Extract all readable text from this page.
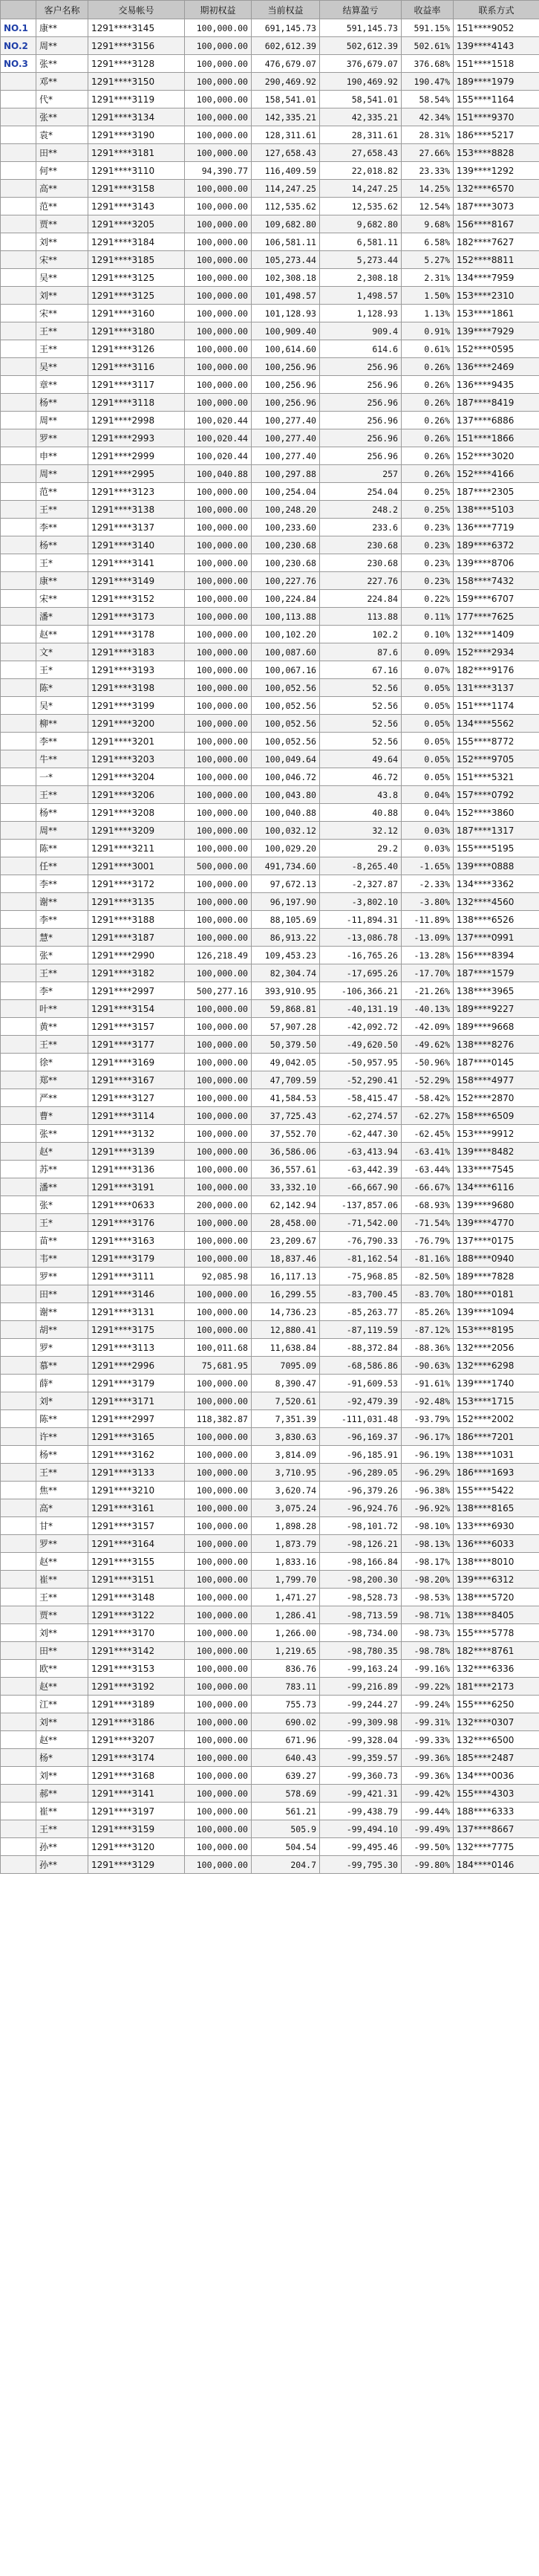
	客户名称	交易帐号	期初权益	当前权益	结算盈亏	收益率	联系方式
NO.1	康**	1291****3145	100,000.00	691,145.73	591,145.73	591.15%	151****9052
NO.2	周**	1291****3156	100,000.00	602,612.39	502,612.39	502.61%	139****4143
NO.3	张**	1291****3128	100,000.00	476,679.07	376,679.07	376.68%	151****1518
	邓**	1291****3150	100,000.00	290,469.92	190,469.92	190.47%	189****1979
	代*	1291****3119	100,000.00	158,541.01	58,541.01	58.54%	155****1164
	张**	1291****3134	100,000.00	142,335.21	42,335.21	42.34%	151****9370
	袁*	1291****3190	100,000.00	128,311.61	28,311.61	28.31%	186****5217
	田**	1291****3181	100,000.00	127,658.43	27,658.43	27.66%	153****8828
	何**	1291****3110	94,390.77	116,409.59	22,018.82	23.33%	139****1292
	高**	1291****3158	100,000.00	114,247.25	14,247.25	14.25%	132****6570
	范**	1291****3143	100,000.00	112,535.62	12,535.62	12.54%	187****3073
	贾**	1291****3205	100,000.00	109,682.80	9,682.80	9.68%	156****8167
	刘**	1291****3184	100,000.00	106,581.11	6,581.11	6.58%	182****7627
	宋**	1291****3185	100,000.00	105,273.44	5,273.44	5.27%	152****8811
	吴**	1291****3125	100,000.00	102,308.18	2,308.18	2.31%	134****7959
	刘**	1291****3125	100,000.00	101,498.57	1,498.57	1.50%	153****2310
	宋**	1291****3160	100,000.00	101,128.93	1,128.93	1.13%	153****1861
	王**	1291****3180	100,000.00	100,909.40	909.4	0.91%	139****7929
	王**	1291****3126	100,000.00	100,614.60	614.6	0.61%	152****0595
	吴**	1291****3116	100,000.00	100,256.96	256.96	0.26%	136****2469
	章**	1291****3117	100,000.00	100,256.96	256.96	0.26%	136****9435
	杨**	1291****3118	100,000.00	100,256.96	256.96	0.26%	187****8419
	周**	1291****2998	100,020.44	100,277.40	256.96	0.26%	137****6886
	罗**	1291****2993	100,020.44	100,277.40	256.96	0.26%	151****1866
	申**	1291****2999	100,020.44	100,277.40	256.96	0.26%	152****3020
	周**	1291****2995	100,040.88	100,297.88	257	0.26%	152****4166
	范**	1291****3123	100,000.00	100,254.04	254.04	0.25%	187****2305
	王**	1291****3138	100,000.00	100,248.20	248.2	0.25%	138****5103
	李**	1291****3137	100,000.00	100,233.60	233.6	0.23%	136****7719
	杨**	1291****3140	100,000.00	100,230.68	230.68	0.23%	189****6372
	王*	1291****3141	100,000.00	100,230.68	230.68	0.23%	139****8706
	康**	1291****3149	100,000.00	100,227.76	227.76	0.23%	158****7432
	宋**	1291****3152	100,000.00	100,224.84	224.84	0.22%	159****6707
	潘*	1291****3173	100,000.00	100,113.88	113.88	0.11%	177****7625
	赵**	1291****3178	100,000.00	100,102.20	102.2	0.10%	132****1409
	文*	1291****3183	100,000.00	100,087.60	87.6	0.09%	152****2934
	王*	1291****3193	100,000.00	100,067.16	67.16	0.07%	182****9176
	陈*	1291****3198	100,000.00	100,052.56	52.56	0.05%	131****3137
	吴*	1291****3199	100,000.00	100,052.56	52.56	0.05%	151****1174
	柳**	1291****3200	100,000.00	100,052.56	52.56	0.05%	134****5562
	李**	1291****3201	100,000.00	100,052.56	52.56	0.05%	155****8772
	牛**	1291****3203	100,000.00	100,049.64	49.64	0.05%	152****9705
	一*	1291****3204	100,000.00	100,046.72	46.72	0.05%	151****5321
	王**	1291****3206	100,000.00	100,043.80	43.8	0.04%	157****0792
	杨**	1291****3208	100,000.00	100,040.88	40.88	0.04%	152****3860
	周**	1291****3209	100,000.00	100,032.12	32.12	0.03%	187****1317
	陈**	1291****3211	100,000.00	100,029.20	29.2	0.03%	155****5195
	任**	1291****3001	500,000.00	491,734.60	-8,265.40	-1.65%	139****0888
	李**	1291****3172	100,000.00	97,672.13	-2,327.87	-2.33%	134****3362
	谢**	1291****3135	100,000.00	96,197.90	-3,802.10	-3.80%	132****4560
	李**	1291****3188	100,000.00	88,105.69	-11,894.31	-11.89%	138****6526
	慧*	1291****3187	100,000.00	86,913.22	-13,086.78	-13.09%	137****0991
	张*	1291****2990	126,218.49	109,453.23	-16,765.26	-13.28%	156****8394
	王**	1291****3182	100,000.00	82,304.74	-17,695.26	-17.70%	187****1579
	李*	1291****2997	500,277.16	393,910.95	-106,366.21	-21.26%	138****3965
	叶**	1291****3154	100,000.00	59,868.81	-40,131.19	-40.13%	189****9227
	黄**	1291****3157	100,000.00	57,907.28	-42,092.72	-42.09%	189****9668
	王**	1291****3177	100,000.00	50,379.50	-49,620.50	-49.62%	138****8276
	徐*	1291****3169	100,000.00	49,042.05	-50,957.95	-50.96%	187****0145
	郑**	1291****3167	100,000.00	47,709.59	-52,290.41	-52.29%	158****4977
	严**	1291****3127	100,000.00	41,584.53	-58,415.47	-58.42%	152****2870
	曹*	1291****3114	100,000.00	37,725.43	-62,274.57	-62.27%	158****6509
	张**	1291****3132	100,000.00	37,552.70	-62,447.30	-62.45%	153****9912
	赵*	1291****3139	100,000.00	36,586.06	-63,413.94	-63.41%	139****8482
	苏**	1291****3136	100,000.00	36,557.61	-63,442.39	-63.44%	133****7545
	潘**	1291****3191	100,000.00	33,332.10	-66,667.90	-66.67%	134****6116
	张*	1291****0633	200,000.00	62,142.94	-137,857.06	-68.93%	139****9680
	王*	1291****3176	100,000.00	28,458.00	-71,542.00	-71.54%	139****4770
	苗**	1291****3163	100,000.00	23,209.67	-76,790.33	-76.79%	137****0175
	韦**	1291****3179	100,000.00	18,837.46	-81,162.54	-81.16%	188****0940
	罗**	1291****3111	92,085.98	16,117.13	-75,968.85	-82.50%	189****7828
	田**	1291****3146	100,000.00	16,299.55	-83,700.45	-83.70%	180****0181
	谢**	1291****3131	100,000.00	14,736.23	-85,263.77	-85.26%	139****1094
	胡**	1291****3175	100,000.00	12,880.41	-87,119.59	-87.12%	153****8195
	罗*	1291****3113	100,011.68	11,638.84	-88,372.84	-88.36%	132****2056
	慕**	1291****2996	75,681.95	7095.09	-68,586.86	-90.63%	132****6298
	薛*	1291****3179	100,000.00	8,390.47	-91,609.53	-91.61%	139****1740
	刘*	1291****3171	100,000.00	7,520.61	-92,479.39	-92.48%	153****1715
	陈**	1291****2997	118,382.87	7,351.39	-111,031.48	-93.79%	152****2002
	许**	1291****3165	100,000.00	3,830.63	-96,169.37	-96.17%	186****7201
	杨**	1291****3162	100,000.00	3,814.09	-96,185.91	-96.19%	138****1031
	王**	1291****3133	100,000.00	3,710.95	-96,289.05	-96.29%	186****1693
	焦**	1291****3210	100,000.00	3,620.74	-96,379.26	-96.38%	155****5422
	高*	1291****3161	100,000.00	3,075.24	-96,924.76	-96.92%	138****8165
	甘*	1291****3157	100,000.00	1,898.28	-98,101.72	-98.10%	133****6930
	罗**	1291****3164	100,000.00	1,873.79	-98,126.21	-98.13%	136****6033
	赵**	1291****3155	100,000.00	1,833.16	-98,166.84	-98.17%	138****8010
	崔**	1291****3151	100,000.00	1,799.70	-98,200.30	-98.20%	139****6312
	王**	1291****3148	100,000.00	1,471.27	-98,528.73	-98.53%	138****5720
	贾**	1291****3122	100,000.00	1,286.41	-98,713.59	-98.71%	138****8405
	刘**	1291****3170	100,000.00	1,266.00	-98,734.00	-98.73%	155****5778
	田**	1291****3142	100,000.00	1,219.65	-98,780.35	-98.78%	182****8761
	欧**	1291****3153	100,000.00	836.76	-99,163.24	-99.16%	132****6336
	赵**	1291****3192	100,000.00	783.11	-99,216.89	-99.22%	181****2173
	江**	1291****3189	100,000.00	755.73	-99,244.27	-99.24%	155****6250
	刘**	1291****3186	100,000.00	690.02	-99,309.98	-99.31%	132****0307
	赵**	1291****3207	100,000.00	671.96	-99,328.04	-99.33%	132****6500
	杨*	1291****3174	100,000.00	640.43	-99,359.57	-99.36%	185****2487
	刘**	1291****3168	100,000.00	639.27	-99,360.73	-99.36%	134****0036
	郝**	1291****3141	100,000.00	578.69	-99,421.31	-99.42%	155****4303
	崔**	1291****3197	100,000.00	561.21	-99,438.79	-99.44%	188****6333
	王**	1291****3159	100,000.00	505.9	-99,494.10	-99.49%	137****8667
	孙**	1291****3120	100,000.00	504.54	-99,495.46	-99.50%	132****7775
	孙**	1291****3129	100,000.00	204.7	-99,795.30	-99.80%	184****0146
